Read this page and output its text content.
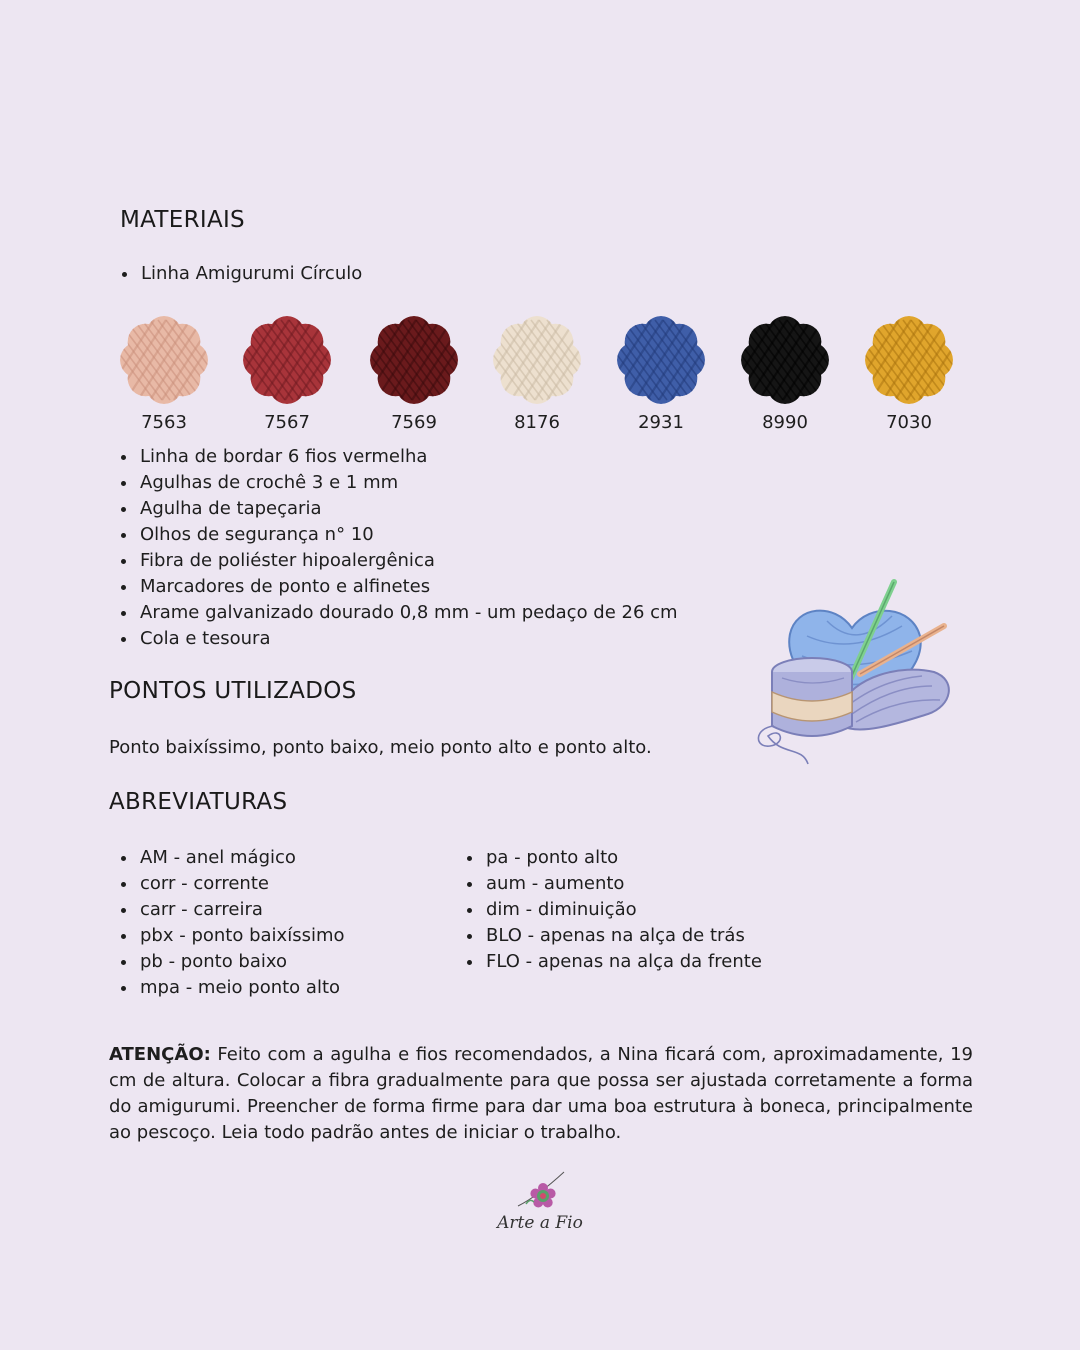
MATERIAIS
Linha Amigurumi Círculo
7563	7567	7569	8176	2931	8990	7030
Linha de bordar 6 fios vermelha
Agulhas de crochê 3 e 1 mm
Agulha de tapeçaria
Olhos de segurança n° 10
Fibra de poliéster hipoalergênica
Marcadores de ponto e alfinetes
Arame galvanizado dourado 0,8 mm - um pedaço de 26 cm
Cola e tesoura
PONTOS UTILIZADOS
Ponto baixíssimo, ponto baixo, meio ponto alto e ponto alto.
ABREVIATURAS
AM - anel mágico
corr - corrente
carr - carreira
pbx - ponto baixíssimo
pb - ponto baixo
mpa - meio ponto alto
pa - ponto alto
aum - aumento
dim - diminuição
BLO - apenas na alça de trás
FLO - apenas na alça da frente

ATENÇÃO: Feito com a agulha e fios recomendados, a Nina ficará com, aproximadamente, 19 cm de altura. Colocar a fibra gradualmente para que possa ser ajustada corretamente a forma do amigurumi. Preencher de forma firme para dar uma boa estrutura à boneca, principalmente ao pescoço. Leia todo padrão antes de iniciar o trabalho.

Arte a Fio
